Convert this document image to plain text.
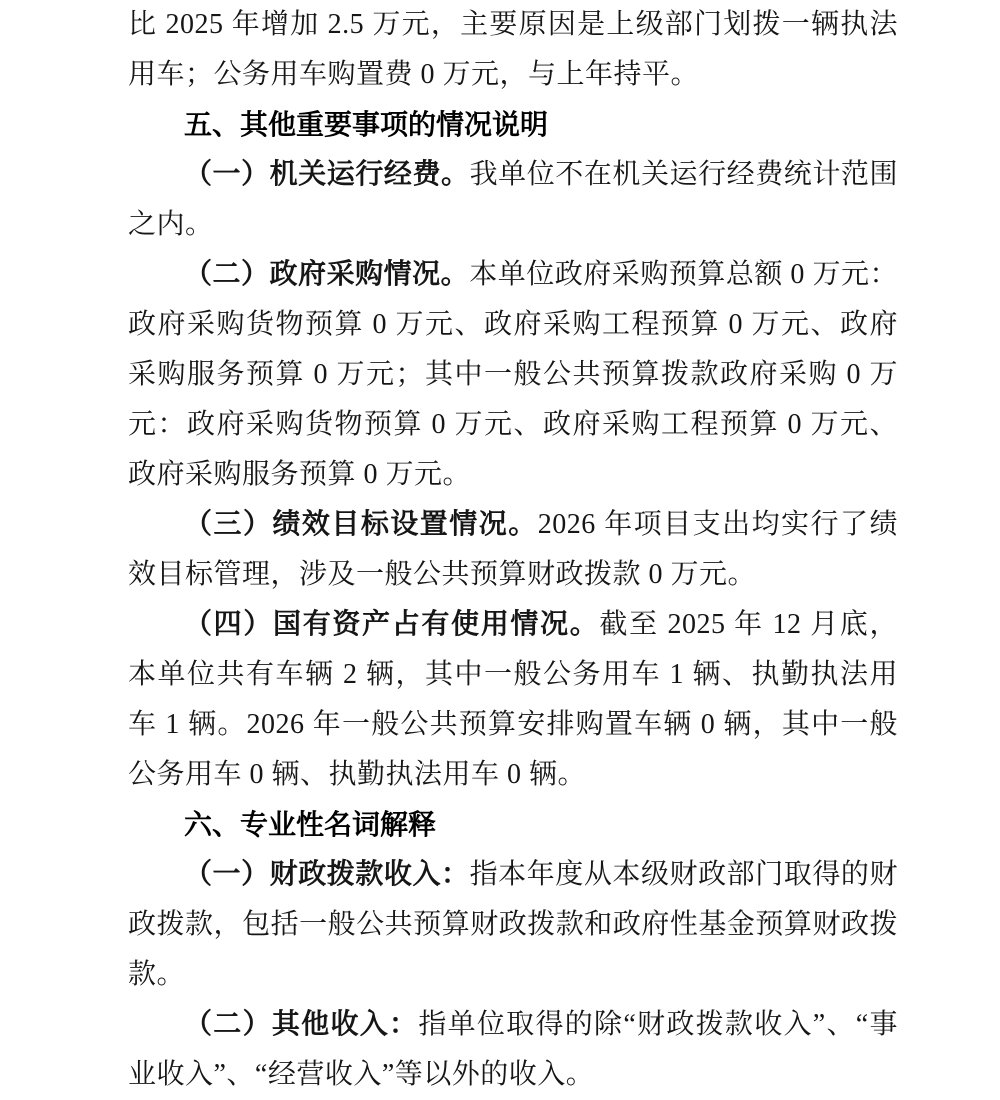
比 2025 年增加 2.5 万元，主要原因是上级部门划拨一辆执法用车；公务用车购置费 0 万元，与上年持平。

五、其他重要事项的情况说明

（一）机关运行经费。我单位不在机关运行经费统计范围之内。

（二）政府采购情况。本单位政府采购预算总额 0 万元：政府采购货物预算 0 万元、政府采购工程预算 0 万元、政府采购服务预算 0 万元；其中一般公共预算拨款政府采购 0 万元：政府采购货物预算 0 万元、政府采购工程预算 0 万元、政府采购服务预算 0 万元。

（三）绩效目标设置情况。2026 年项目支出均实行了绩效目标管理，涉及一般公共预算财政拨款 0 万元。

（四）国有资产占有使用情况。截至 2025 年 12 月底，本单位共有车辆 2 辆，其中一般公务用车 1 辆、执勤执法用车 1 辆。2026 年一般公共预算安排购置车辆 0 辆，其中一般公务用车 0 辆、执勤执法用车 0 辆。

六、专业性名词解释

（一）财政拨款收入：指本年度从本级财政部门取得的财政拨款，包括一般公共预算财政拨款和政府性基金预算财政拨款。

（二）其他收入：指单位取得的除“财政拨款收入”、“事业收入”、“经营收入”等以外的收入。
